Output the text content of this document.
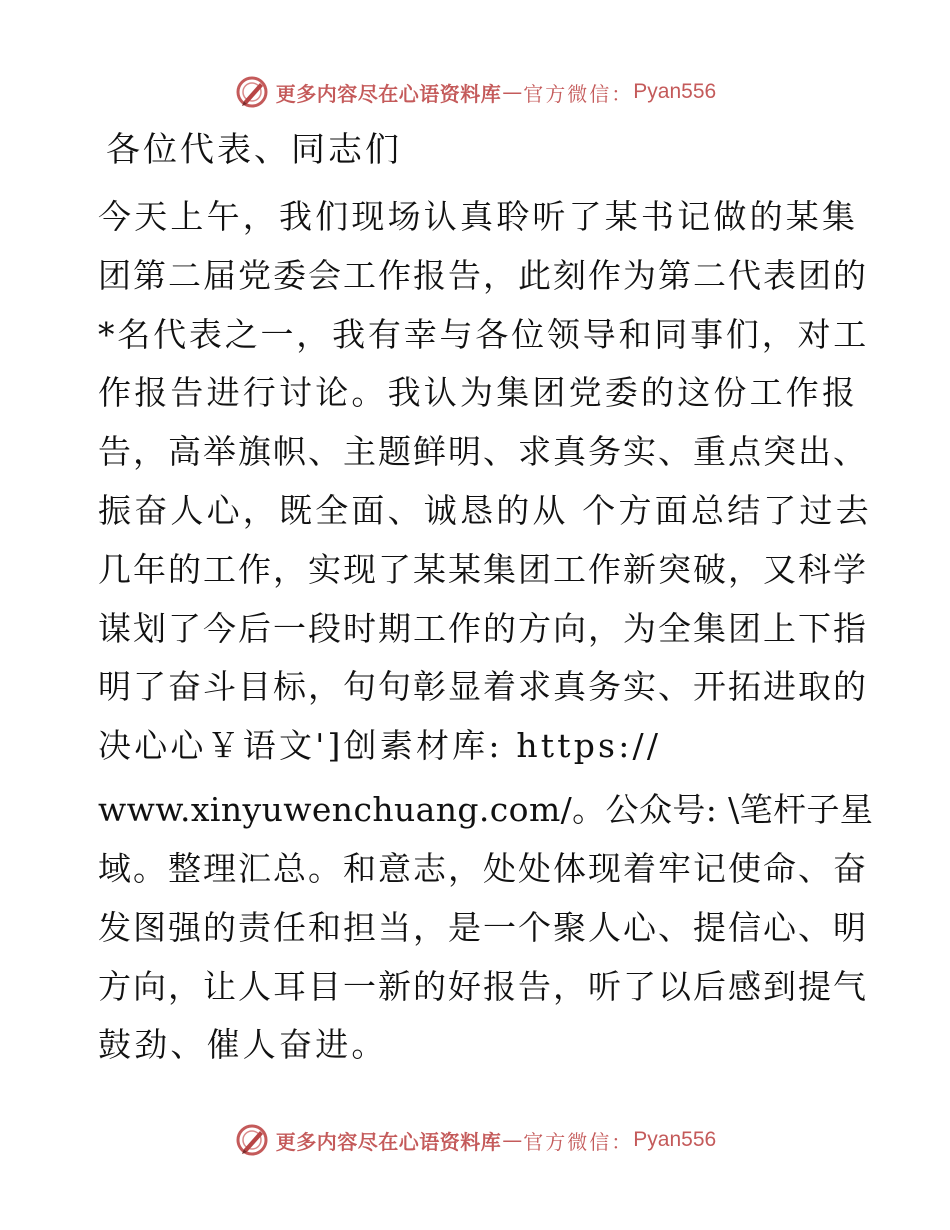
更多内容尽在心语资料库 — 官方微信： Pyan556
各位代表、同志们
今天上午，我们现场认真聆听了某书记做的某集
团第二届党委会工作报告，此刻作为第二代表团的
*名代表之一，我有幸与各位领导和同事们，对工
作报告进行讨论。我认为集团党委的这份工作报
告，高举旗帜、主题鲜明、求真务实、重点突出、
振奋人心，既全面、诚恳的从 个方面总结了过去
几年的工作，实现了某某集团工作新突破，又科学
谋划了今后一段时期工作的方向，为全集团上下指
明了奋斗目标，句句彰显着求真务实、开拓进取的
决心心￥语文']创素材库: https://
www.xinyuwenchuang.com/。公众号: \笔杆子星
域。整理汇总。和意志，处处体现着牢记使命、奋
发图强的责任和担当，是一个聚人心、提信心、明
方向，让人耳目一新的好报告，听了以后感到提气
鼓劲、催人奋进。
更多内容尽在心语资料库 — 官方微信： Pyan556
